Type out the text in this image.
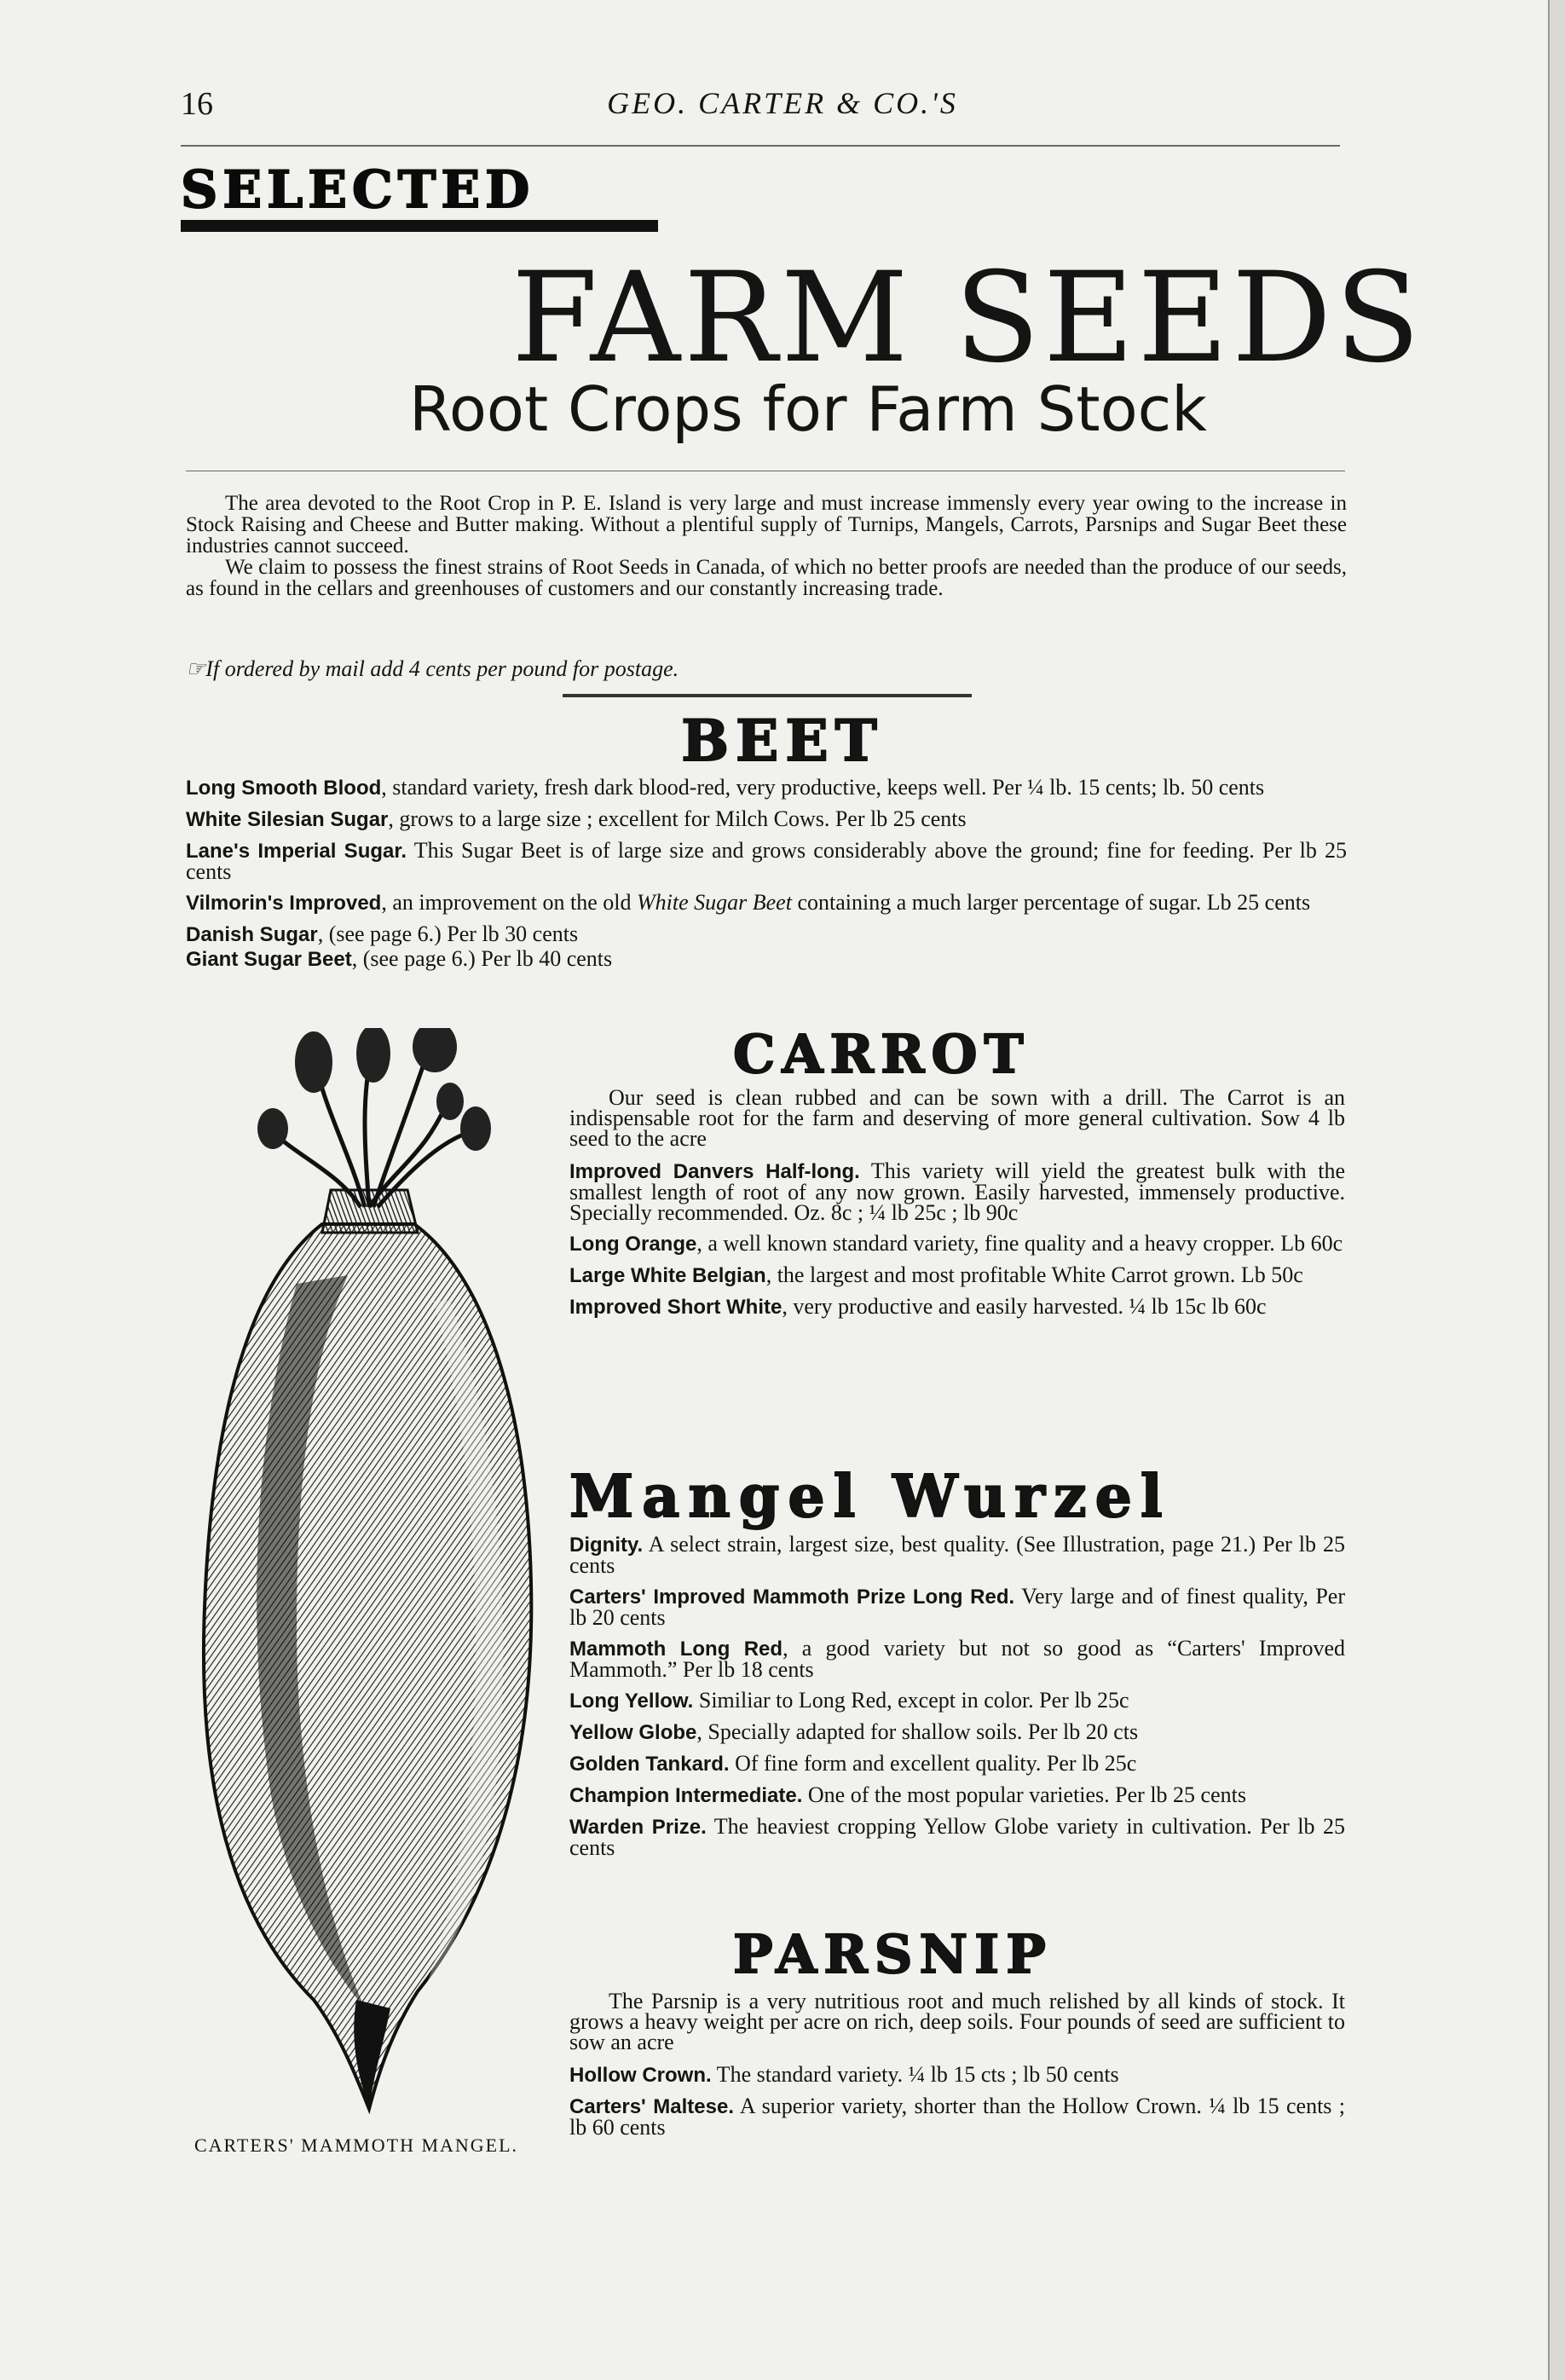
16	GEO. CARTER & CO.'S
SELECTED
FARM SEEDS
Root Crops for Farm Stock

The area devoted to the Root Crop in P. E. Island is very large and must increase immensly every year owing to the increase in Stock Raising and Cheese and Butter making. Without a plentiful supply of Turnips, Mangels, Carrots, Parsnips and Sugar Beet these industries cannot succeed.

We claim to possess the finest strains of Root Seeds in Canada, of which no better proofs are needed than the produce of our seeds, as found in the cellars and greenhouses of customers and our constantly increasing trade.

☞If ordered by mail add 4 cents per pound for postage.
BEET
Long Smooth Blood, standard variety, fresh dark blood-red, very productive, keeps well. Per ¼ lb. 15 cents; lb. 50 cents
White Silesian Sugar, grows to a large size ; excellent for Milch Cows. Per lb 25 cents
Lane's Imperial Sugar. This Sugar Beet is of large size and grows considerably above the ground; fine for feeding. Per lb 25 cents
Vilmorin's Improved, an improvement on the old White Sugar Beet containing a much larger percentage of sugar. Lb 25 cents
Danish Sugar, (see page 6.) Per lb 30 cents
Giant Sugar Beet, (see page 6.) Per lb 40 cents
CARTERS' MAMMOTH MANGEL.
CARROT
Our seed is clean rubbed and can be sown with a drill. The Carrot is an indispensable root for the farm and deserving of more general cultivation. Sow 4 lb seed to the acre
Improved Danvers Half-long. This variety will yield the greatest bulk with the smallest length of root of any now grown. Easily harvested, immensely productive. Specially recommended. Oz. 8c ; ¼ lb 25c ; lb 90c
Long Orange, a well known standard variety, fine quality and a heavy cropper. Lb 60c
Large White Belgian, the largest and most profitable White Carrot grown. Lb 50c
Improved Short White, very productive and easily harvested. ¼ lb 15c lb 60c
Mangel Wurzel
Dignity. A select strain, largest size, best quality. (See Illustration, page 21.) Per lb 25 cents
Carters' Improved Mammoth Prize Long Red. Very large and of finest quality, Per lb 20 cents
Mammoth Long Red, a good variety but not so good as “Carters' Improved Mammoth.” Per lb 18 cents
Long Yellow. Similiar to Long Red, except in color. Per lb 25c
Yellow Globe, Specially adapted for shallow soils. Per lb 20 cts
Golden Tankard. Of fine form and excellent quality. Per lb 25c
Champion Intermediate. One of the most popular varieties. Per lb 25 cents
Warden Prize. The heaviest cropping Yellow Globe variety in cultivation. Per lb 25 cents
PARSNIP
The Parsnip is a very nutritious root and much relished by all kinds of stock. It grows a heavy weight per acre on rich, deep soils. Four pounds of seed are sufficient to sow an acre
Hollow Crown. The standard variety. ¼ lb 15 cts ; lb 50 cents
Carters' Maltese. A superior variety, shorter than the Hollow Crown. ¼ lb 15 cents ; lb 60 cents
